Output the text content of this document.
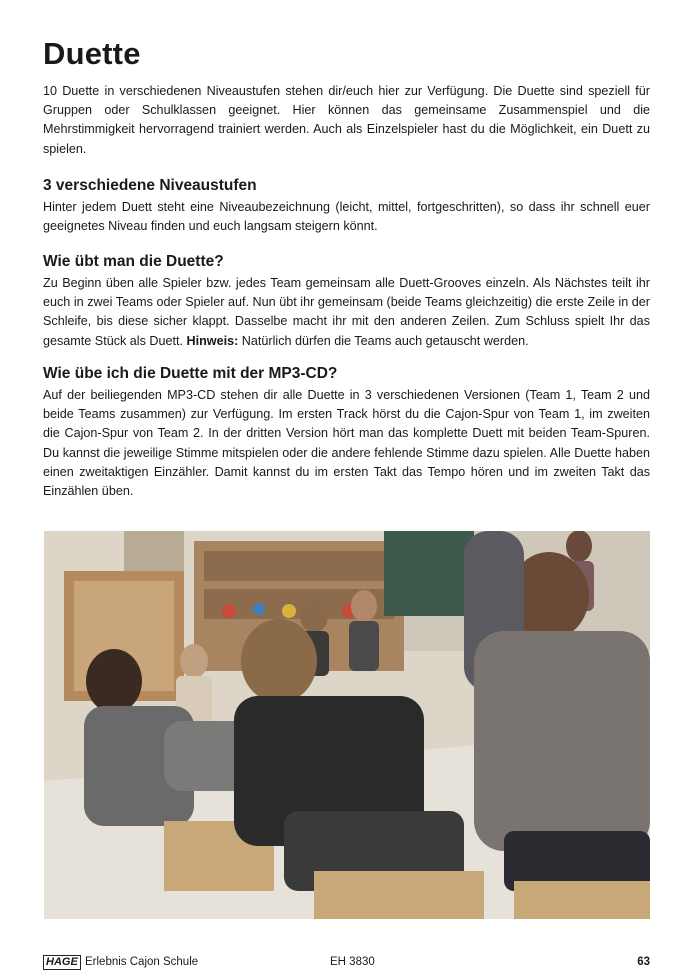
Duette

10 Duette in verschiedenen Niveaustufen stehen dir/euch hier zur Verfügung. Die Duette sind speziell für Gruppen oder Schulklassen geeignet. Hier können das gemeinsame Zusammenspiel und die Mehrstimmigkeit hervorragend trainiert werden. Auch als Einzelspieler hast du die Möglichkeit, ein Duett zu spielen.

3 verschiedene Niveaustufen

Hinter jedem Duett steht eine Niveaubezeichnung (leicht, mittel, fortgeschritten), so dass ihr schnell euer geeignetes Niveau finden und euch langsam steigern könnt.

Wie übt man die Duette?

Zu Beginn üben alle Spieler bzw. jedes Team gemeinsam alle Duett-Grooves einzeln. Als Nächstes teilt ihr euch in zwei Teams oder Spieler auf. Nun übt ihr gemeinsam (beide Teams gleichzeitig) die erste Zeile in der Schleife, bis diese sicher klappt. Dasselbe macht ihr mit den anderen Zeilen. Zum Schluss spielt Ihr das gesamte Stück als Duett. Hinweis: Natürlich dürfen die Teams auch getauscht werden.

Wie übe ich die Duette mit der MP3-CD?

Auf der beiliegenden MP3-CD stehen dir alle Duette in 3 verschiedenen Versionen (Team 1, Team 2 und beide Teams zusammen) zur Verfügung. Im ersten Track hörst du die Cajon-Spur von Team 1, im zweiten die Cajon-Spur von Team 2. In der dritten Version hört man das komplette Duett mit beiden Team-Spuren. Du kannst die jeweilige Stimme mitspielen oder die andere fehlende Stimme dazu spielen. Alle Duette haben einen zweitaktigen Einzähler. Damit kannst du im ersten Takt das Tempo hören und im zweiten Takt das Einzählen üben.

HAGE Erlebnis Cajon Schule	EH 3830	63
